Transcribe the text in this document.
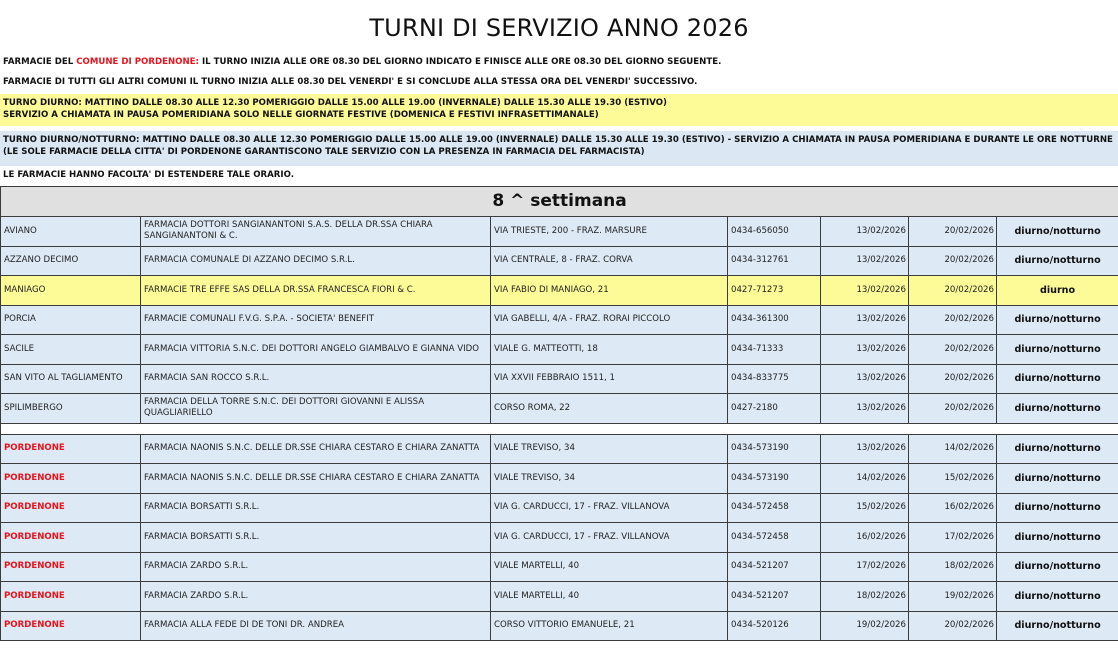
TURNI DI SERVIZIO ANNO 2026
FARMACIE DEL COMUNE DI PORDENONE: IL TURNO INIZIA ALLE ORE 08.30 DEL GIORNO INDICATO E FINISCE ALLE ORE 08.30 DEL GIORNO SEGUENTE.
FARMACIE DI TUTTI GLI ALTRI COMUNI IL TURNO INIZIA ALLE 08.30 DEL VENERDI' E SI CONCLUDE ALLA STESSA ORA DEL VENERDI' SUCCESSIVO.
TURNO DIURNO: MATTINO DALLE 08.30 ALLE 12.30 POMERIGGIO DALLE 15.00 ALLE 19.00 (INVERNALE) DALLE 15.30 ALLE 19.30 (ESTIVO)
SERVIZIO A CHIAMATA IN PAUSA POMERIDIANA SOLO NELLE GIORNATE FESTIVE (DOMENICA E FESTIVI INFRASETTIMANALE)
TURNO DIURNO/NOTTURNO: MATTINO DALLE 08.30 ALLE 12.30 POMERIGGIO DALLE 15.00 ALLE 19.00 (INVERNALE) DALLE 15.30 ALLE 19.30 (ESTIVO) - SERVIZIO A CHIAMATA IN PAUSA POMERIDIANA E DURANTE LE ORE NOTTURNE
(LE SOLE FARMACIE DELLA CITTA' DI PORDENONE GARANTISCONO TALE SERVIZIO CON LA PRESENZA IN FARMACIA DEL FARMACISTA)
LE FARMACIE HANNO FACOLTA' DI ESTENDERE TALE ORARIO.
8 ^ settimana						
AVIANO	FARMACIA DOTTORI SANGIANANTONI S.A.S. DELLA DR.SSA CHIARA SANGIANANTONI & C.	VIA TRIESTE, 200 - FRAZ. MARSURE	0434-656050	13/02/2026	20/02/2026	diurno/notturno
AZZANO DECIMO	FARMACIA COMUNALE DI AZZANO DECIMO S.R.L.	VIA CENTRALE, 8 - FRAZ. CORVA	0434-312761	13/02/2026	20/02/2026	diurno/notturno
MANIAGO	FARMACIE TRE EFFE SAS DELLA DR.SSA FRANCESCA FIORI & C.	VIA FABIO DI MANIAGO, 21	0427-71273	13/02/2026	20/02/2026	diurno
PORCIA	FARMACIE COMUNALI F.V.G. S.P.A. - SOCIETA' BENEFIT	VIA GABELLI, 4/A - FRAZ. RORAI PICCOLO	0434-361300	13/02/2026	20/02/2026	diurno/notturno
SACILE	FARMACIA VITTORIA S.N.C. DEI DOTTORI ANGELO GIAMBALVO E GIANNA VIDO	VIALE G. MATTEOTTI, 18	0434-71333	13/02/2026	20/02/2026	diurno/notturno
SAN VITO AL TAGLIAMENTO	FARMACIA SAN ROCCO S.R.L.	VIA XXVII FEBBRAIO 1511, 1	0434-833775	13/02/2026	20/02/2026	diurno/notturno
SPILIMBERGO	FARMACIA DELLA TORRE S.N.C. DEI DOTTORI GIOVANNI E ALISSA QUAGLIARIELLO	CORSO ROMA, 22	0427-2180	13/02/2026	20/02/2026	diurno/notturno

PORDENONE	FARMACIA NAONIS S.N.C. DELLE DR.SSE CHIARA CESTARO E CHIARA ZANATTA	VIALE TREVISO, 34	0434-573190	13/02/2026	14/02/2026	diurno/notturno
PORDENONE	FARMACIA NAONIS S.N.C. DELLE DR.SSE CHIARA CESTARO E CHIARA ZANATTA	VIALE TREVISO, 34	0434-573190	14/02/2026	15/02/2026	diurno/notturno
PORDENONE	FARMACIA BORSATTI S.R.L.	VIA G. CARDUCCI, 17 - FRAZ. VILLANOVA	0434-572458	15/02/2026	16/02/2026	diurno/notturno
PORDENONE	FARMACIA BORSATTI S.R.L.	VIA G. CARDUCCI, 17 - FRAZ. VILLANOVA	0434-572458	16/02/2026	17/02/2026	diurno/notturno
PORDENONE	FARMACIA ZARDO S.R.L.	VIALE MARTELLI, 40	0434-521207	17/02/2026	18/02/2026	diurno/notturno
PORDENONE	FARMACIA ZARDO S.R.L.	VIALE MARTELLI, 40	0434-521207	18/02/2026	19/02/2026	diurno/notturno
PORDENONE	FARMACIA ALLA FEDE DI DE TONI DR. ANDREA	CORSO VITTORIO EMANUELE, 21	0434-520126	19/02/2026	20/02/2026	diurno/notturno
